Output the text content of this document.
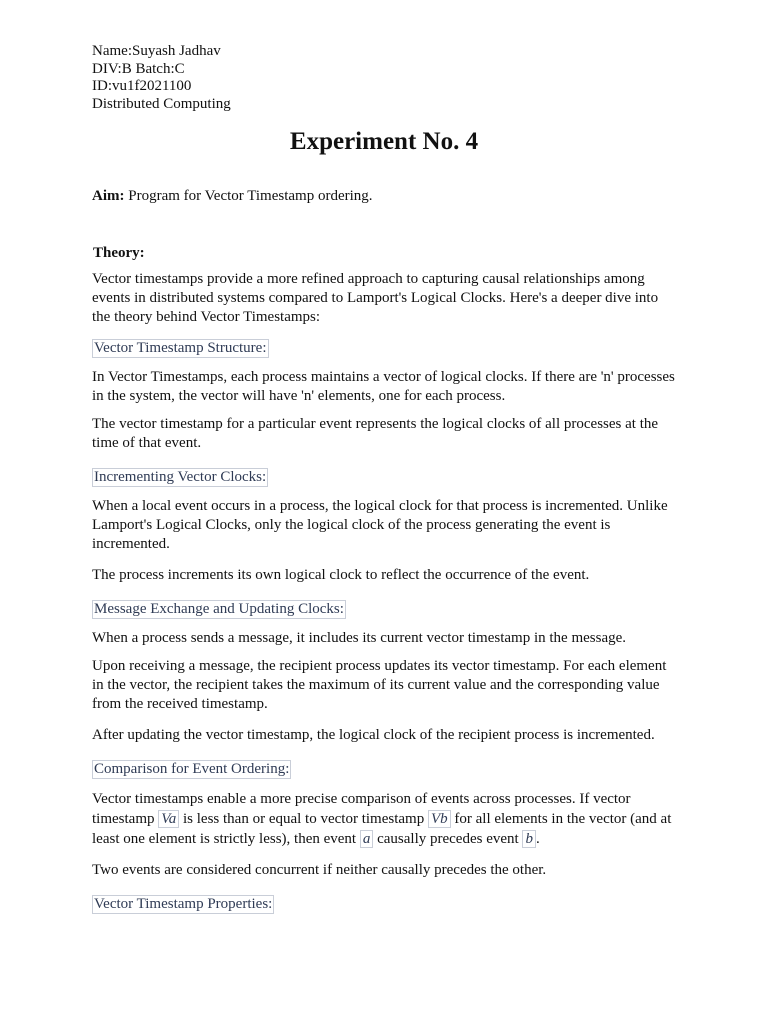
Name:Suyash Jadhav
DIV:B Batch:C
ID:vu1f2021100
Distributed Computing
Experiment No. 4
Aim: Program for Vector Timestamp ordering.
Theory:

Vector timestamps provide a more refined approach to capturing causal relationships among events in distributed systems compared to Lamport's Logical Clocks. Here's a deeper dive into the theory behind Vector Timestamps:

Vector Timestamp Structure:

In Vector Timestamps, each process maintains a vector of logical clocks. If there are 'n' processes in the system, the vector will have 'n' elements, one for each process.

The vector timestamp for a particular event represents the logical clocks of all processes at the time of that event.

Incrementing Vector Clocks:

When a local event occurs in a process, the logical clock for that process is incremented. Unlike Lamport's Logical Clocks, only the logical clock of the process generating the event is incremented.

The process increments its own logical clock to reflect the occurrence of the event.

Message Exchange and Updating Clocks:

When a process sends a message, it includes its current vector timestamp in the message.

Upon receiving a message, the recipient process updates its vector timestamp. For each element in the vector, the recipient takes the maximum of its current value and the corresponding value from the received timestamp.

After updating the vector timestamp, the logical clock of the recipient process is incremented.

Comparison for Event Ordering:

Vector timestamps enable a more precise comparison of events across processes. If vector timestamp Va is less than or equal to vector timestamp Vb for all elements in the vector (and at least one element is strictly less), then event a causally precedes event b .

Two events are considered concurrent if neither causally precedes the other.

Vector Timestamp Properties:
